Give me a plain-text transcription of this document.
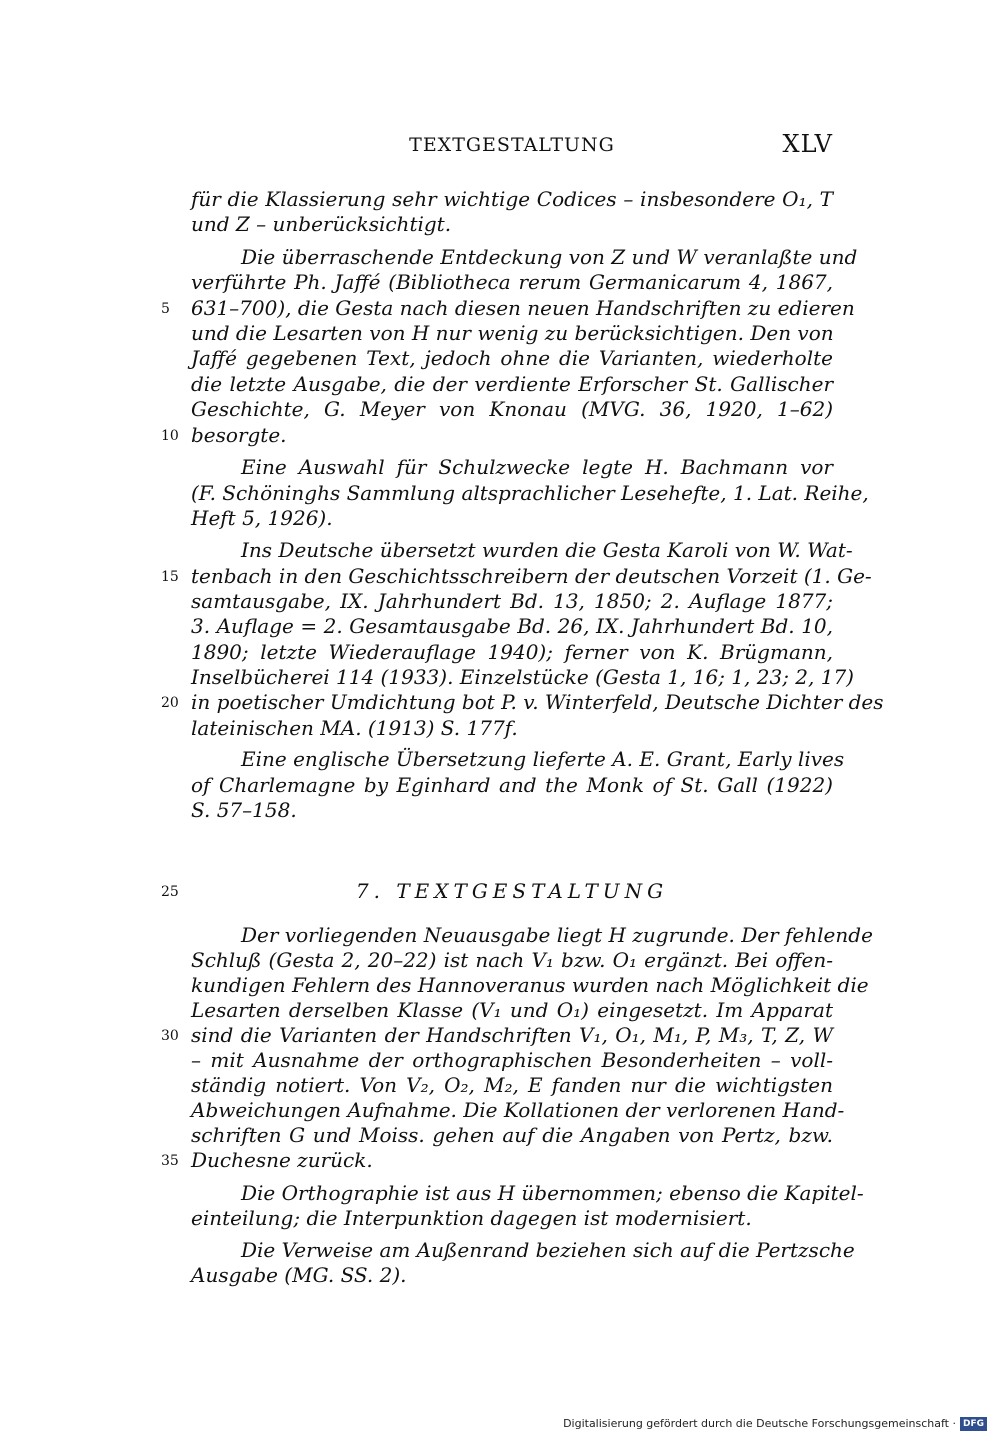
TEXTGESTALTUNG	XLV
für die Klassierung sehr wichtige Codices – insbesondere O₁, T
und Z – unberücksichtigt.
Die überraschende Entdeckung von Z und W veranlaßte und
verführte Ph. Jaffé (Bibliotheca rerum Germanicarum 4, 1867,
631–700), die Gesta nach diesen neuen Handschriften zu edieren
und die Lesarten von H nur wenig zu berücksichtigen. Den von
Jaffé gegebenen Text, jedoch ohne die Varianten, wiederholte
die letzte Ausgabe, die der verdiente Erforscher St. Gallischer
Geschichte, G. Meyer von Knonau (MVG. 36, 1920, 1–62)
besorgte.
Eine Auswahl für Schulzwecke legte H. Bachmann vor
(F. Schöninghs Sammlung altsprachlicher Lesehefte, 1. Lat. Reihe,
Heft 5, 1926).
Ins Deutsche übersetzt wurden die Gesta Karoli von W. Wat-
tenbach in den Geschichtsschreibern der deutschen Vorzeit (1. Ge-
samtausgabe, IX. Jahrhundert Bd. 13, 1850; 2. Auflage 1877;
3. Auflage = 2. Gesamtausgabe Bd. 26, IX. Jahrhundert Bd. 10,
1890; letzte Wiederauflage 1940); ferner von K. Brügmann,
Inselbücherei 114 (1933). Einzelstücke (Gesta 1, 16; 1, 23; 2, 17)
in poetischer Umdichtung bot P. v. Winterfeld, Deutsche Dichter des
lateinischen MA. (1913) S. 177f.
Eine englische Übersetzung lieferte A. E. Grant, Early lives
of Charlemagne by Eginhard and the Monk of St. Gall (1922)
S. 57–158.
7. TEXTGESTALTUNG
Der vorliegenden Neuausgabe liegt H zugrunde. Der fehlende
Schluß (Gesta 2, 20–22) ist nach V₁ bzw. O₁ ergänzt. Bei offen-
kundigen Fehlern des Hannoveranus wurden nach Möglichkeit die
Lesarten derselben Klasse (V₁ und O₁) eingesetzt. Im Apparat
sind die Varianten der Handschriften V₁, O₁, M₁, P, M₃, T, Z, W
– mit Ausnahme der orthographischen Besonderheiten – voll-
ständig notiert. Von V₂, O₂, M₂, E fanden nur die wichtigsten
Abweichungen Aufnahme. Die Kollationen der verlorenen Hand-
schriften G und Moiss. gehen auf die Angaben von Pertz, bzw.
Duchesne zurück.
Die Orthographie ist aus H übernommen; ebenso die Kapitel-
einteilung; die Interpunktion dagegen ist modernisiert.
Die Verweise am Außenrand beziehen sich auf die Pertzsche
Ausgabe (MG. SS. 2).
5
10
15
20
25
30
35
Digitalisierung gefördert durch die Deutsche Forschungsgemeinschaft · DFG
